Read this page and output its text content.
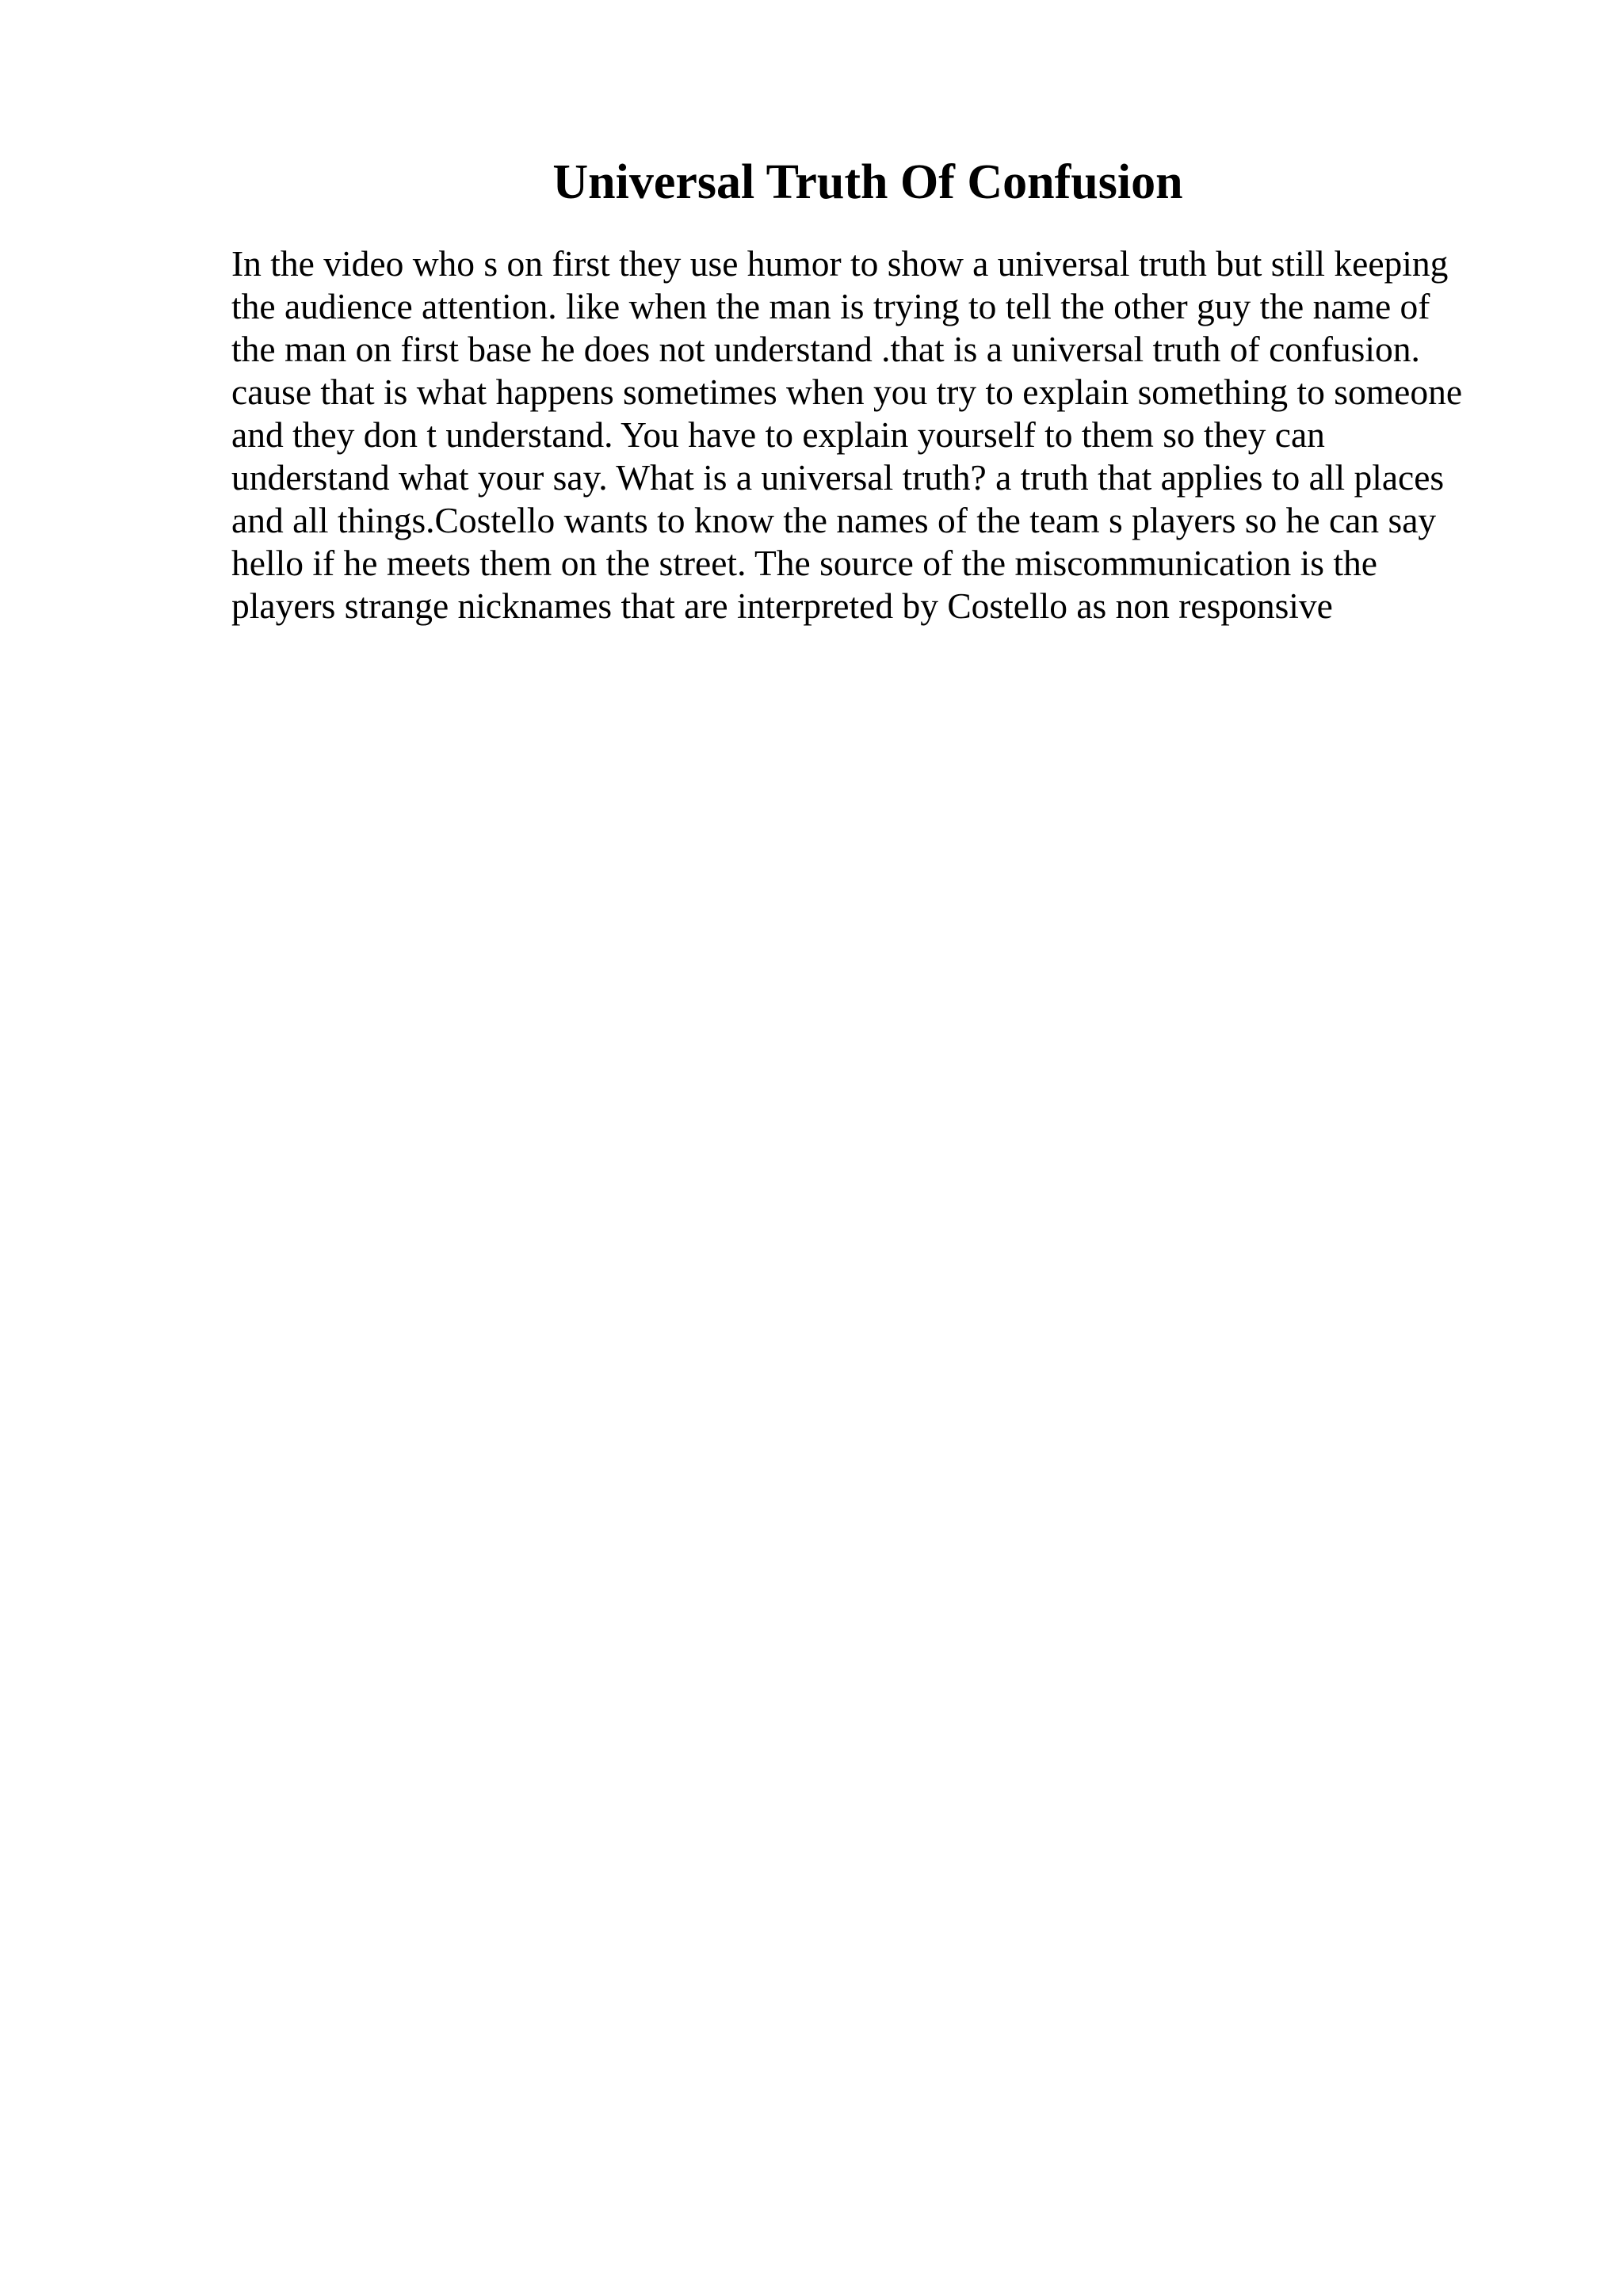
Universal Truth Of Confusion
In the video who s on first they use humor to show a universal truth but still keeping
the audience attention. like when the man is trying to tell the other guy the name of
the man on first base he does not understand .that is a universal truth of confusion.
cause that is what happens sometimes when you try to explain something to someone
and they don t understand. You have to explain yourself to them so they can
understand what your say. What is a universal truth? a truth that applies to all places
and all things.Costello wants to know the names of the team s players so he can say
hello if he meets them on the street. The source of the miscommunication is the
players strange nicknames that are interpreted by Costello as non responsive
